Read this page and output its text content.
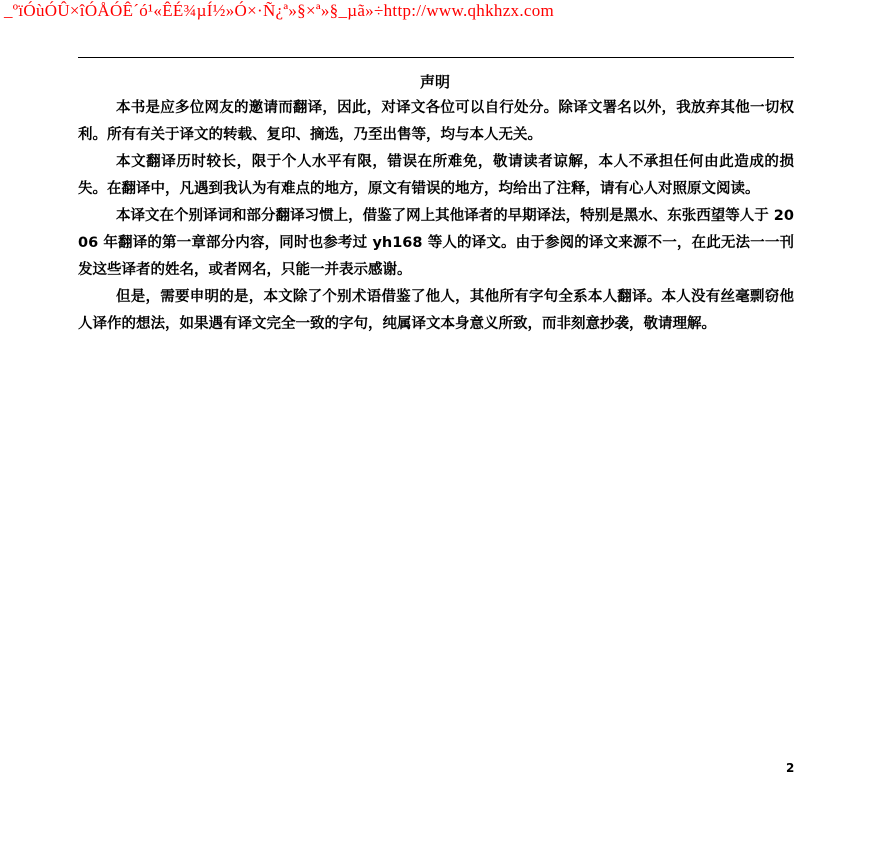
_ºïÓùÓÛ×îÓÅÓÊ´ó¹«ÊÉ¾µÍ½»Ó×·Ñ¿ª»§×ª»§_µã»÷http://www.qhkhzx.com
声明

本书是应多位网友的邀请而翻译，因此，对译文各位可以自行处分。除译文署名以外，我放弃其他一切权利。所有有关于译文的转载、复印、摘选，乃至出售等，均与本人无关。

本文翻译历时较长，限于个人水平有限，错误在所难免，敬请读者谅解，本人不承担任何由此造成的损失。在翻译中，凡遇到我认为有难点的地方，原文有错误的地方，均给出了注释，请有心人对照原文阅读。

本译文在个别译词和部分翻译习惯上，借鉴了网上其他译者的早期译法，特别是黑水、东张西望等人于 2006 年翻译的第一章部分内容，同时也参考过 yh168 等人的译文。由于参阅的译文来源不一，在此无法一一刊发这些译者的姓名，或者网名，只能一并表示感谢。

但是，需要申明的是，本文除了个别术语借鉴了他人，其他所有字句全系本人翻译。本人没有丝毫剽窃他人译作的想法，如果遇有译文完全一致的字句，纯属译文本身意义所致，而非刻意抄袭，敬请理解。

2
